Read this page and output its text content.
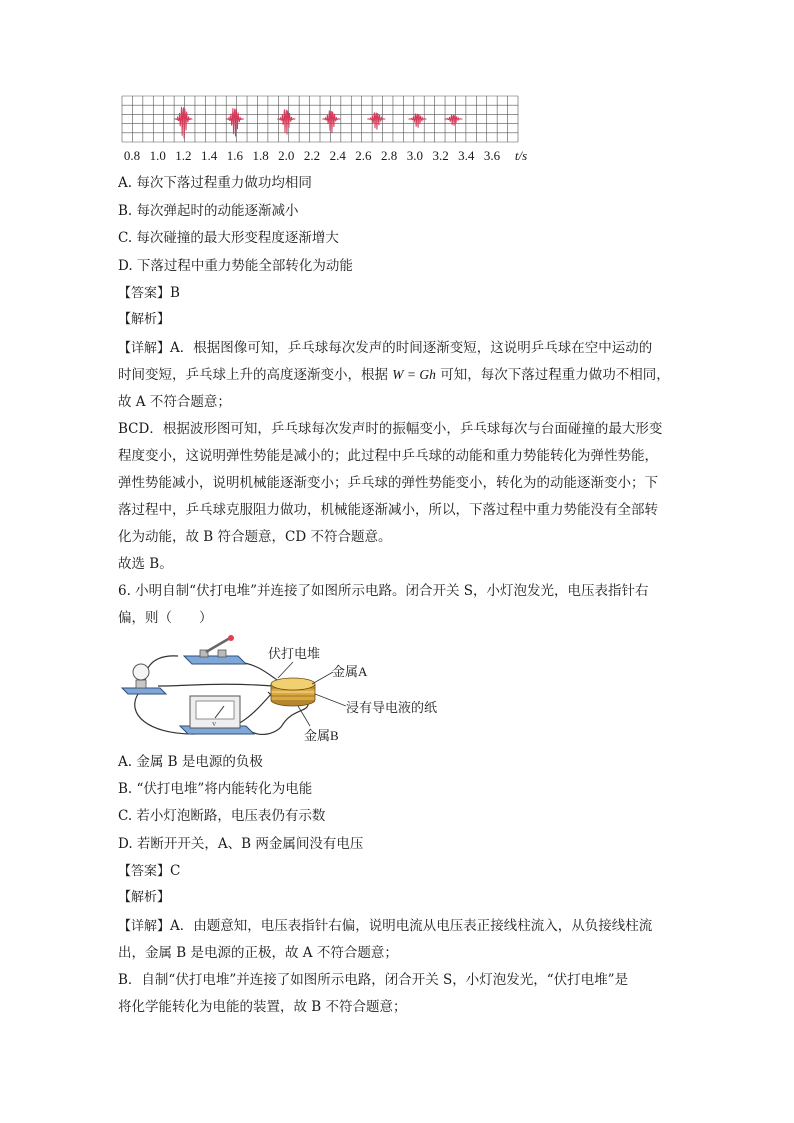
0.8 1.0 1.2 1.4 1.6 1.8 2.0 2.2 2.4 2.6 2.8 3.0 3.2 3.4 3.6 t/s
A. 每次下落过程重力做功均相同
B. 每次弹起时的动能逐渐减小
C. 每次碰撞的最大形变程度逐渐增大
D. 下落过程中重力势能全部转化为动能
【答案】B
【解析】
【详解】A．根据图像可知，乒乓球每次发声的时间逐渐变短，这说明乒乓球在空中运动的
时间变短，乒乓球上升的高度逐渐变小，根据 W = Gh 可知，每次下落过程重力做功不相同，
故 A 不符合题意；
BCD．根据波形图可知，乒乓球每次发声时的振幅变小，乒乓球每次与台面碰撞的最大形变
程度变小，这说明弹性势能是减小的；此过程中乒乓球的动能和重力势能转化为弹性势能，
弹性势能减小，说明机械能逐渐变小；乒乓球的弹性势能变小，转化为的动能逐渐变小；下
落过程中，乒乓球克服阻力做功，机械能逐渐减小，所以，下落过程中重力势能没有全部转
化为动能，故 B 符合题意，CD 不符合题意。
故选 B。
6. 小明自制“伏打电堆”并连接了如图所示电路。闭合开关 S，小灯泡发光，电压表指针右
偏，则（　　）
V
伏打电堆
金属A
浸有导电液的纸
金属B
A. 金属 B 是电源的负极
B. “伏打电堆”将内能转化为电能
C. 若小灯泡断路，电压表仍有示数
D. 若断开开关，A、B 两金属间没有电压
【答案】C
【解析】
【详解】A．由题意知，电压表指针右偏，说明电流从电压表正接线柱流入，从负接线柱流
出，金属 B 是电源的正极，故 A 不符合题意；
B．自制“伏打电堆”并连接了如图所示电路，闭合开关 S，小灯泡发光，“伏打电堆”是
将化学能转化为电能的装置，故 B 不符合题意；
